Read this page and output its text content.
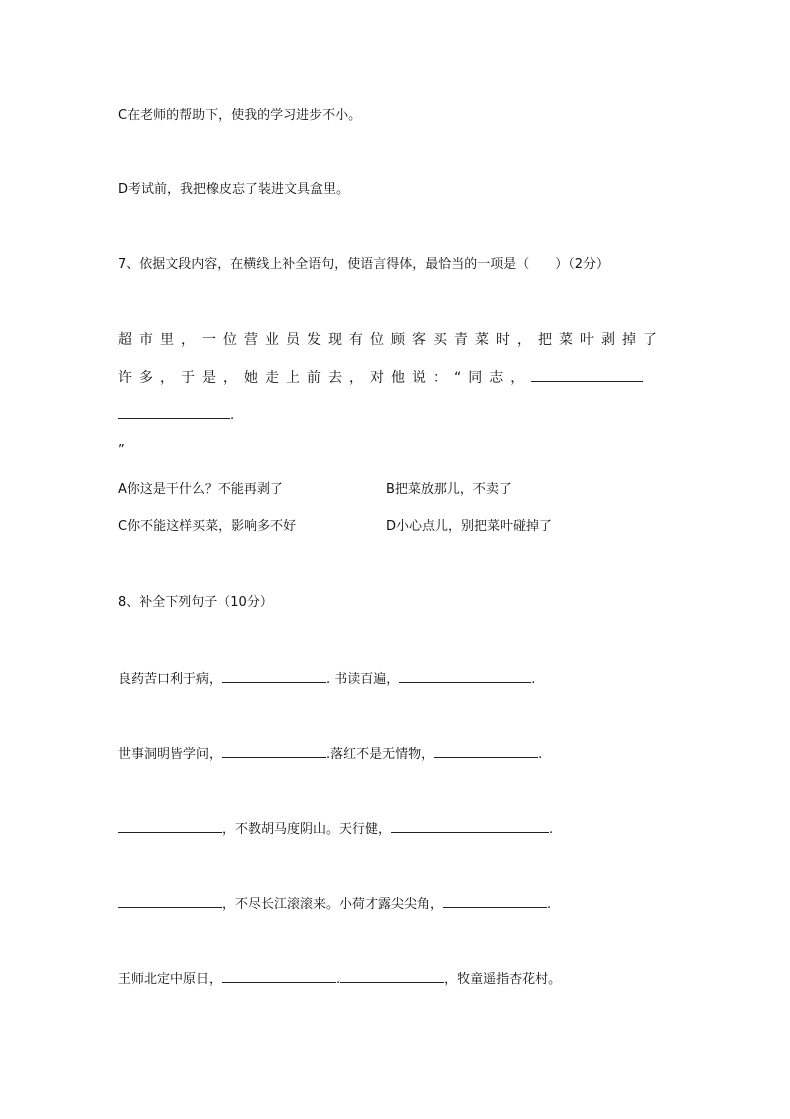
C在老师的帮助下，使我的学习进步不小。
D考试前，我把橡皮忘了装进文具盒里。
7、依据文段内容，在横线上补全语句，使语言得体，最恰当的一项是（　　）（2分）
超市里，一位营业员发现有位顾客买青菜时，把菜叶剥掉了
许多，于是，她走上前去，对他说：“同志，
.
”
A你这是干什么？不能再剥了	B把菜放那儿，不卖了
C你不能这样买菜，影响多不好	D小心点儿，别把菜叶碰掉了
8、补全下列句子（10分）
良药苦口利于病，	. 书读百遍，	.
世事洞明皆学问，	.落红不是无情物，	.
，不教胡马度阴山。天行健，	.
，不尽长江滚滚来。小荷才露尖尖角，	.
王师北定中原日，	.	，牧童遥指杏花村。
